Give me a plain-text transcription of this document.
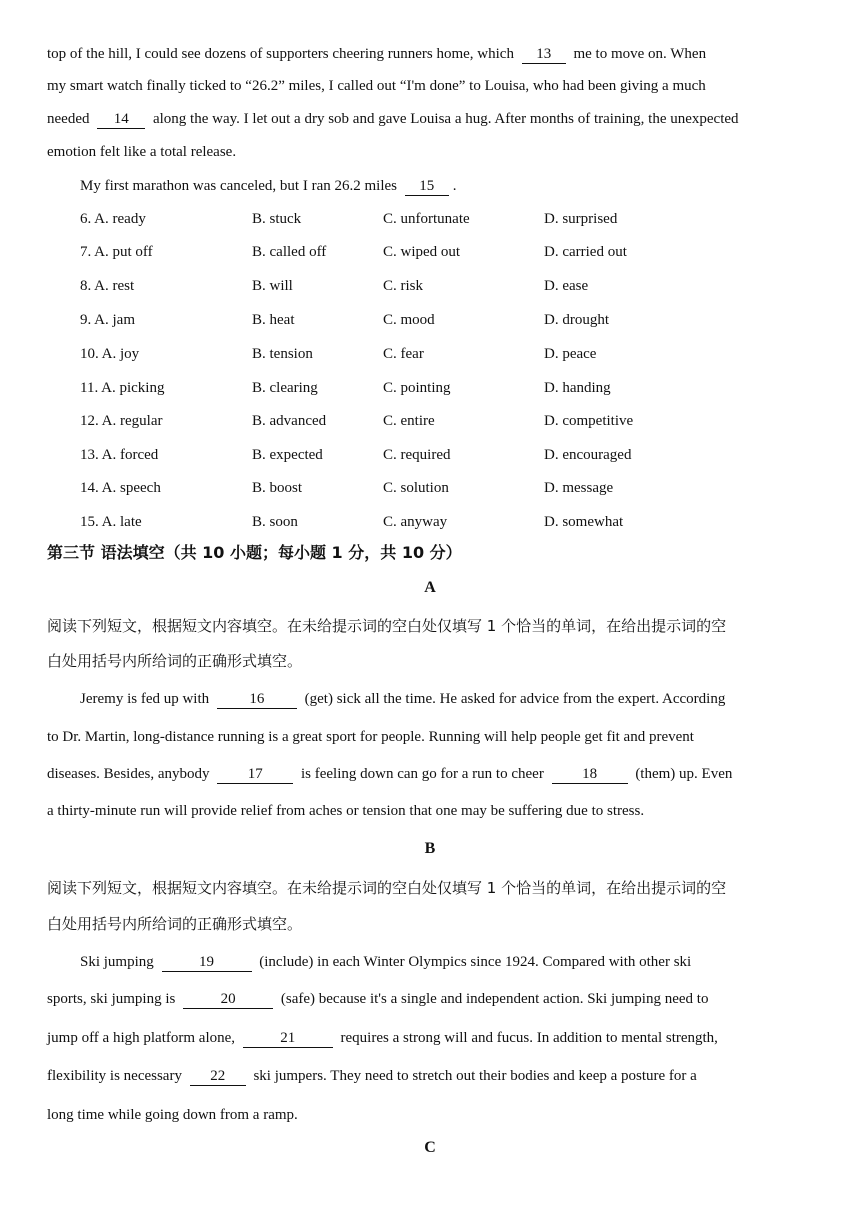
top of the hill, I could see dozens of supporters cheering runners home, which 13 me to move on. When
my smart watch finally ticked to “26.2” miles, I called out “I'm done” to Louisa, who had been giving a much
needed 14 along the way. I let out a dry sob and gave Louisa a hug. After months of training, the unexpected
emotion felt like a total release.
My first marathon was canceled, but I ran 26.2 miles 15 .
6. A. ready	B. stuck	C. unfortunate	D. surprised
7. A. put off	B. called off	C. wiped out	D. carried out
8. A. rest	B. will	C. risk	D. ease
9. A. jam	B. heat	C. mood	D. drought
10. A. joy	B. tension	C. fear	D. peace
11. A. picking	B. clearing	C. pointing	D. handing
12. A. regular	B. advanced	C. entire	D. competitive
13. A. forced	B. expected	C. required	D. encouraged
14. A. speech	B. boost	C. solution	D. message
15. A. late	B. soon	C. anyway	D. somewhat
第三节 语法填空（共 10 小题；每小题 1 分，共 10 分）
A
阅读下列短文，根据短文内容填空。在未给提示词的空白处仅填写 1 个恰当的单词，在给出提示词的空
白处用括号内所给词的正确形式填空。
Jeremy is fed up with	16	(get) sick all the time. He asked for advice from the expert. According
to Dr. Martin, long-distance running is a great sport for people. Running will help people get fit and prevent
diseases. Besides, anybody	17	is feeling down can go for a run to cheer	18	(them) up. Even
a thirty-minute run will provide relief from aches or tension that one may be suffering due to stress.
B
阅读下列短文，根据短文内容填空。在未给提示词的空白处仅填写 1 个恰当的单词，在给出提示词的空
白处用括号内所给词的正确形式填空。
Ski jumping	19	(include) in each Winter Olympics since 1924. Compared with other ski
sports, ski jumping is	20	(safe) because it's a single and independent action. Ski jumping need to
jump off a high platform alone,	21	requires a strong will and fucus. In addition to mental strength,
flexibility is necessary 22 ski jumpers. They need to stretch out their bodies and keep a posture for a
long time while going down from a ramp.
C
